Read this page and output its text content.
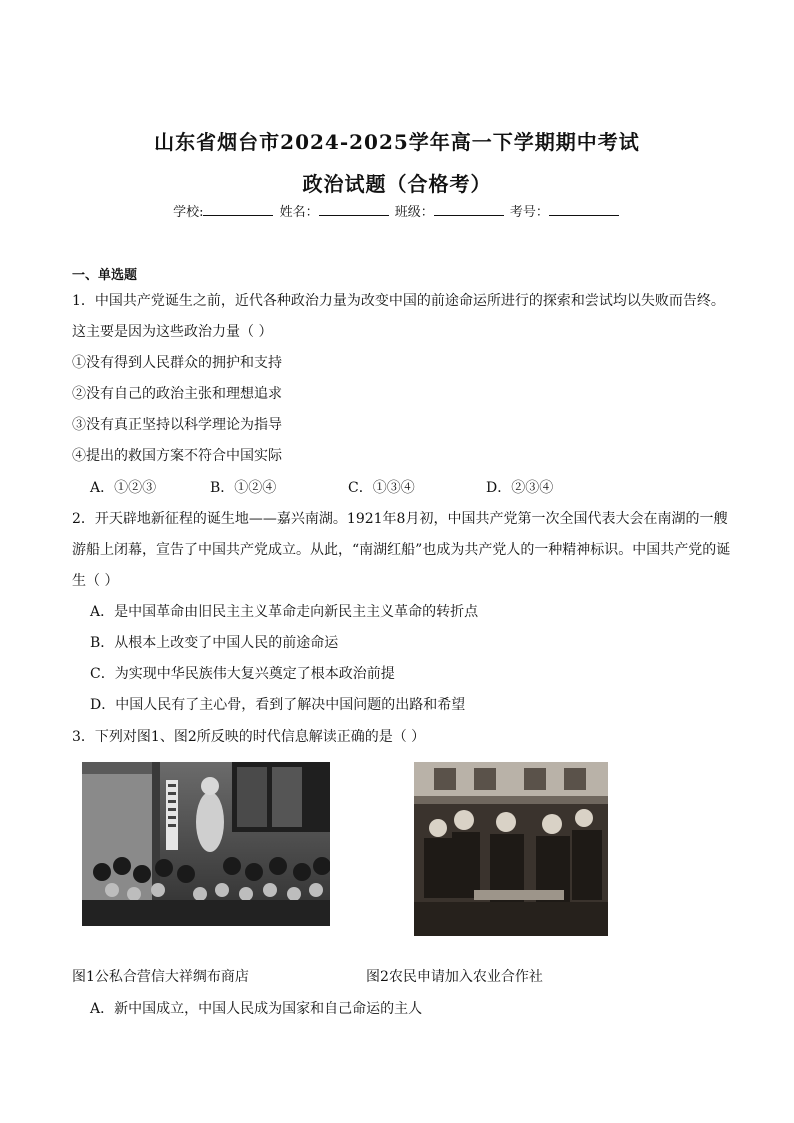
山东省烟台市2024-2025学年高一下学期期中考试
政治试题（合格考）
学校:	姓名：	班级：	考号：
一、单选题
1．中国共产党诞生之前，近代各种政治力量为改变中国的前途命运所进行的探索和尝试均以失败而告终。
这主要是因为这些政治力量（ ）
①没有得到人民群众的拥护和支持
②没有自己的政治主张和理想追求
③没有真正坚持以科学理论为指导
④提出的救国方案不符合中国实际
A．①②③	B．①②④	C．①③④	D．②③④
2．开天辟地新征程的诞生地——嘉兴南湖。1921年8月初，中国共产党第一次全国代表大会在南湖的一艘
游船上闭幕，宣告了中国共产党成立。从此，“南湖红船”也成为共产党人的一种精神标识。中国共产党的诞
生（ ）
A．是中国革命由旧民主主义革命走向新民主主义革命的转折点
B．从根本上改变了中国人民的前途命运
C．为实现中华民族伟大复兴奠定了根本政治前提
D．中国人民有了主心骨，看到了解决中国问题的出路和希望
3．下列对图1、图2所反映的时代信息解读正确的是（ ）
图1公私合营信大祥绸布商店	图2农民申请加入农业合作社
A．新中国成立，中国人民成为国家和自己命运的主人
